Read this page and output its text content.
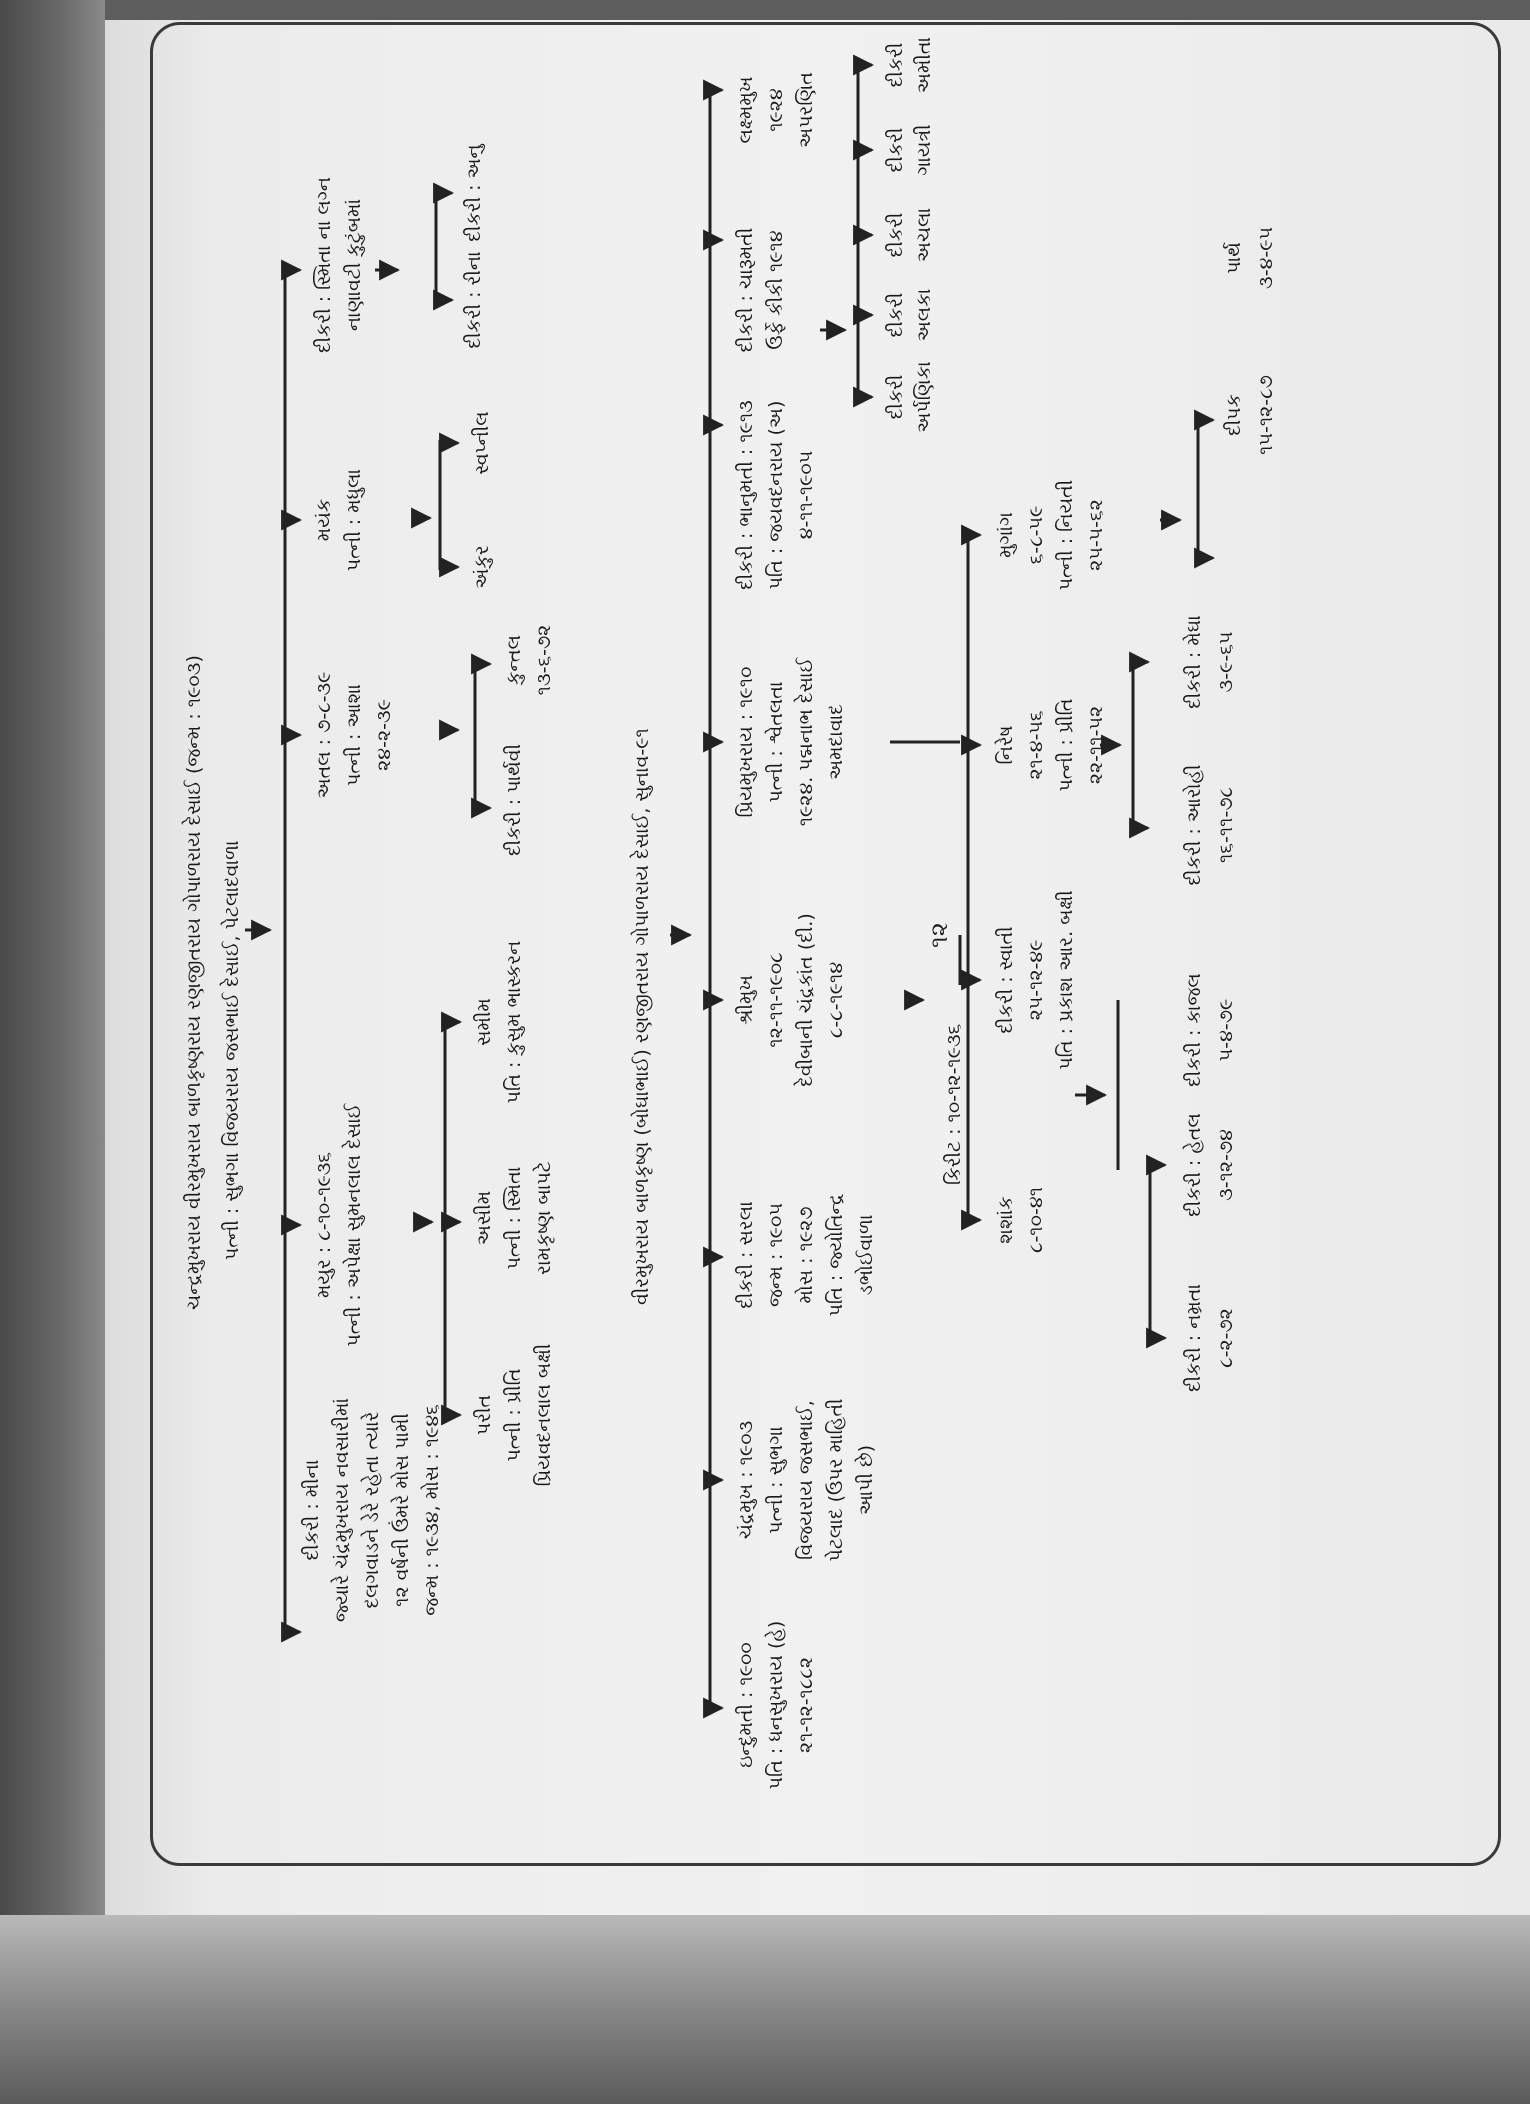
ચન્દ્રમુખરાય વીરમુખરાય બાળકૃષ્ણરાય રણજીતરાય ગોપાળરાય દેસાઈ (જન્મ : ૧૯૦૩) પત્ની : સુભગા વિજયરાય જસભાઈ દેસાઈ, પેટલાદવાળા
દીકરી : મીના જ્યારે ચંદ્રમુખરાય નવસારીમાં દલગવાડને ડેરે રહેતા ત્યારે ૧૨ વર્ષની ઉંમરે મોસ પામી જન્મ : ૧૯૩૪, મોસ : ૧૯૪૬
મયુર : ૮-૧૦-૧૯૩૬ પત્ની : અપેક્ષા સુમનલાલ દેસાઈ
અતલ : ૭-૮-૩૯ પત્ની : આશા ૨૪-૨-૩૯
મયંક પત્ની : મધુલા
દીકરી : સ્મિતા ના લગ્ન નાણાવટી કુટુંબમાં
પરીત પત્ની : પ્રીતિ પ્રિયવદનલાલ બક્ષી
અસીમ પત્ની : સ્મિતા રામકૃષ્ણ બાપટે
સમીમ પતિ : કુસુમ ભાસ્કરન
દીકરી : પાર્થવી
કુન્તલ ૧૩-૬-૭૨
અંકુર
સ્વપ્નીલ
દીકરી : રીના
દીકરી : અનુ
ઇન્દુમતી : ૧૯૦૦ પતિ : ધનસુખરાય (હે) ૨૧-૧૨-૧૮૮૨
ચંદ્રમુખ : ૧૯૦૩ પત્ની : સુભગા વિજયરાય જસભાઈ, પેટલાદ (ઉપર માહિતી આપી છે)
દીકરી : સરલા જન્મ : ૧૯૦૫ મોસ : ૧૯૨૭ પતિ : જ્યોતિન્દ્ર ડભોઈવાળા
શ્રીમુખ ૧૨-૧૧-૧૯૦૮ દેવીબાની ચંદ્રકાંત (દી.) ૮-૮-૧૯૧૪
પ્રિયમુખરાય : ૧૯૧૦ પત્ની : શ્વેતલતા ૧૯૨૪. પદ્મનાભ દેસાઈ અમદાવાદ
દીકરી : ભાનુમતી : ૧૯૧૩ પતિ : જયવદનરાય (અ) ૪-૧૧-૧૯૦૫
દીકરી : ચારૂમતી ઉર્ફે કીકી ૧૯૧૪
લક્ષ્મમુખ ૧૯૨૪ અપરણિત
દીકરી અર્પણિકા
દીકરી અલકા
દીકરી અચલા
દીકરી ગાયત્રી
દીકરી અમીતા
શશાંક ૮-૧૦-૪૧
દીકરી : સ્વાતી ૨૫-૧૨-૪૯ પતિ : પ્રકાશ આર. બક્ષી
નિરેષ ૨૧-૪-૫૬ પત્ની : પ્રીતિ ૨૨-૧૧-૫૨
મુગાંગ ૬-૮-૫૯ પત્ની : નિયતી ૨૫-૫-૬૨
દીકરી : નમ્રતા ૮-૨-૭૨
દીકરી : હેતલ ૩-૧૨-૭૪
દીકરી : કાજલ ૫-૪-૭૯
દીકરી : આરોહી ૧૬-૧૧-૭૮
દીકરી : મેઘા ૩-૯-૬૫
દીપક ૧૫-૧૨-૮૭
પાર્થ ૩-૪-૯૫
વીરમુખરાય બાળકૃષ્ણ (બોઘાભાઈ) રણજીતરાય ગોપાળરાય દેસાઈ, સુનાવ-૯૧	કિરીટ : ૧૦-૧૨-૧૯૩૬
૧૨
